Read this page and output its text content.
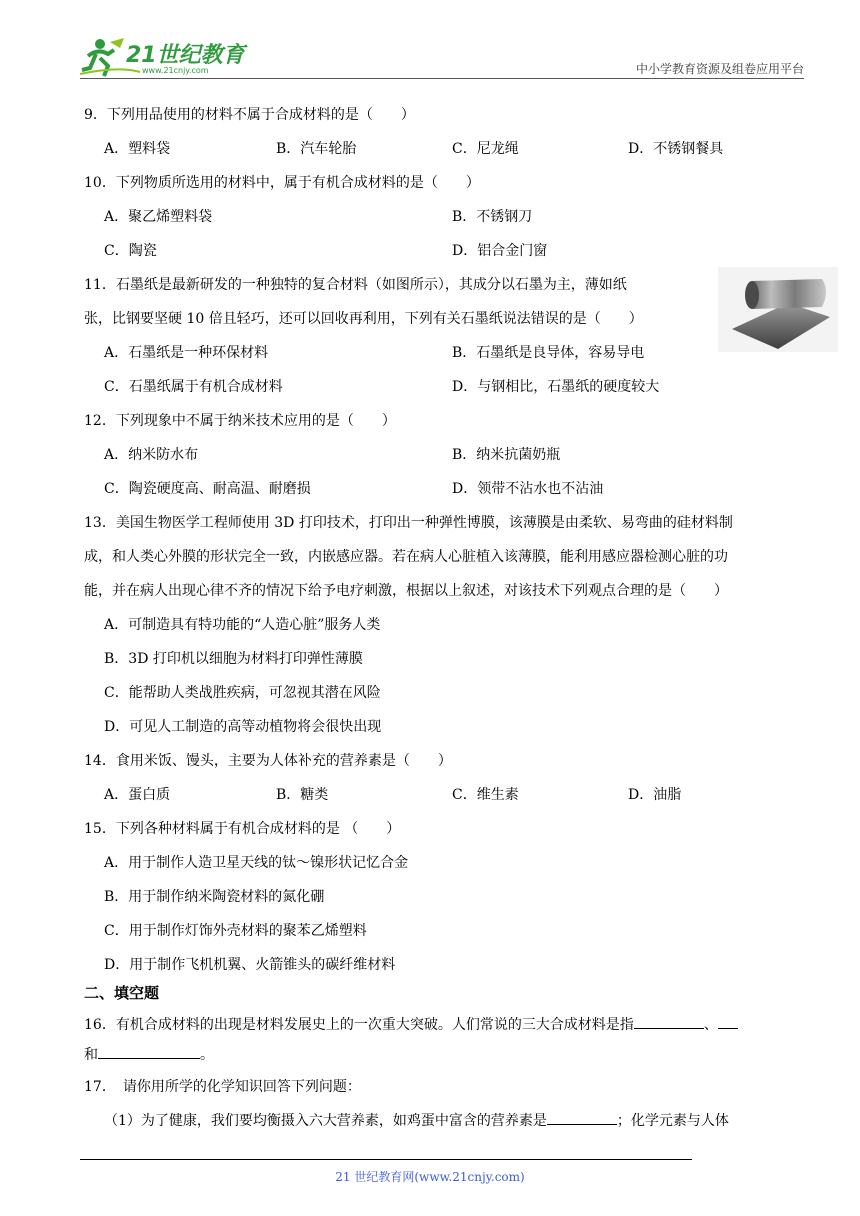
21世纪教育
www.21cnjy.com	中小学教育资源及组卷应用平台
9．下列用品使用的材料不属于合成材料的是（　　）
A．塑料袋	B．汽车轮胎	C．尼龙绳	D．不锈钢餐具
10．下列物质所选用的材料中，属于有机合成材料的是（　　）
A．聚乙烯塑料袋	B．不锈钢刀
C．陶瓷	D．铝合金门窗
11．石墨纸是最新研发的一种独特的复合材料（如图所示），其成分以石墨为主，薄如纸
张，比钢要坚硬 10 倍且轻巧，还可以回收再利用，下列有关石墨纸说法错误的是（　　）
A．石墨纸是一种环保材料	B．石墨纸是良导体，容易导电
C．石墨纸属于有机合成材料	D．与钢相比，石墨纸的硬度较大
12．下列现象中不属于纳米技术应用的是（　　）
A．纳米防水布	B．纳米抗菌奶瓶
C．陶瓷硬度高、耐高温、耐磨损	D．领带不沾水也不沾油
13．美国生物医学工程师使用 3D 打印技术，打印出一种弹性博膜，该薄膜是由柔软、易弯曲的硅材料制
成，和人类心外膜的形状完全一致，内嵌感应器。若在病人心脏植入该薄膜，能利用感应器检测心脏的功
能，并在病人出现心律不齐的情况下给予电疗刺激，根据以上叙述，对该技术下列观点合理的是（　　）
A．可制造具有特功能的“人造心脏”服务人类
B．3D 打印机以细胞为材料打印弹性薄膜
C．能帮助人类战胜疾病，可忽视其潜在风险
D．可见人工制造的高等动植物将会很快出现
14．食用米饭、馒头，主要为人体补充的营养素是（　　）
A．蛋白质	B．糖类	C．维生素	D．油脂
15．下列各种材料属于有机合成材料的是 （　　）
A．用于制作人造卫星天线的钛～镍形状记忆合金
B．用于制作纳米陶瓷材料的氮化硼
C．用于制作灯饰外壳材料的聚苯乙烯塑料
D．用于制作飞机机翼、火箭锥头的碳纤维材料
二、填空题
16．有机合成材料的出现是材料发展史上的一次重大突破。人们常说的三大合成材料是指	、
和	。
17．　请你用所学的化学知识回答下列问题：
（1）为了健康，我们要均衡摄入六大营养素，如鸡蛋中富含的营养素是	；化学元素与人体
21 世纪教育网(www.21cnjy.com)
